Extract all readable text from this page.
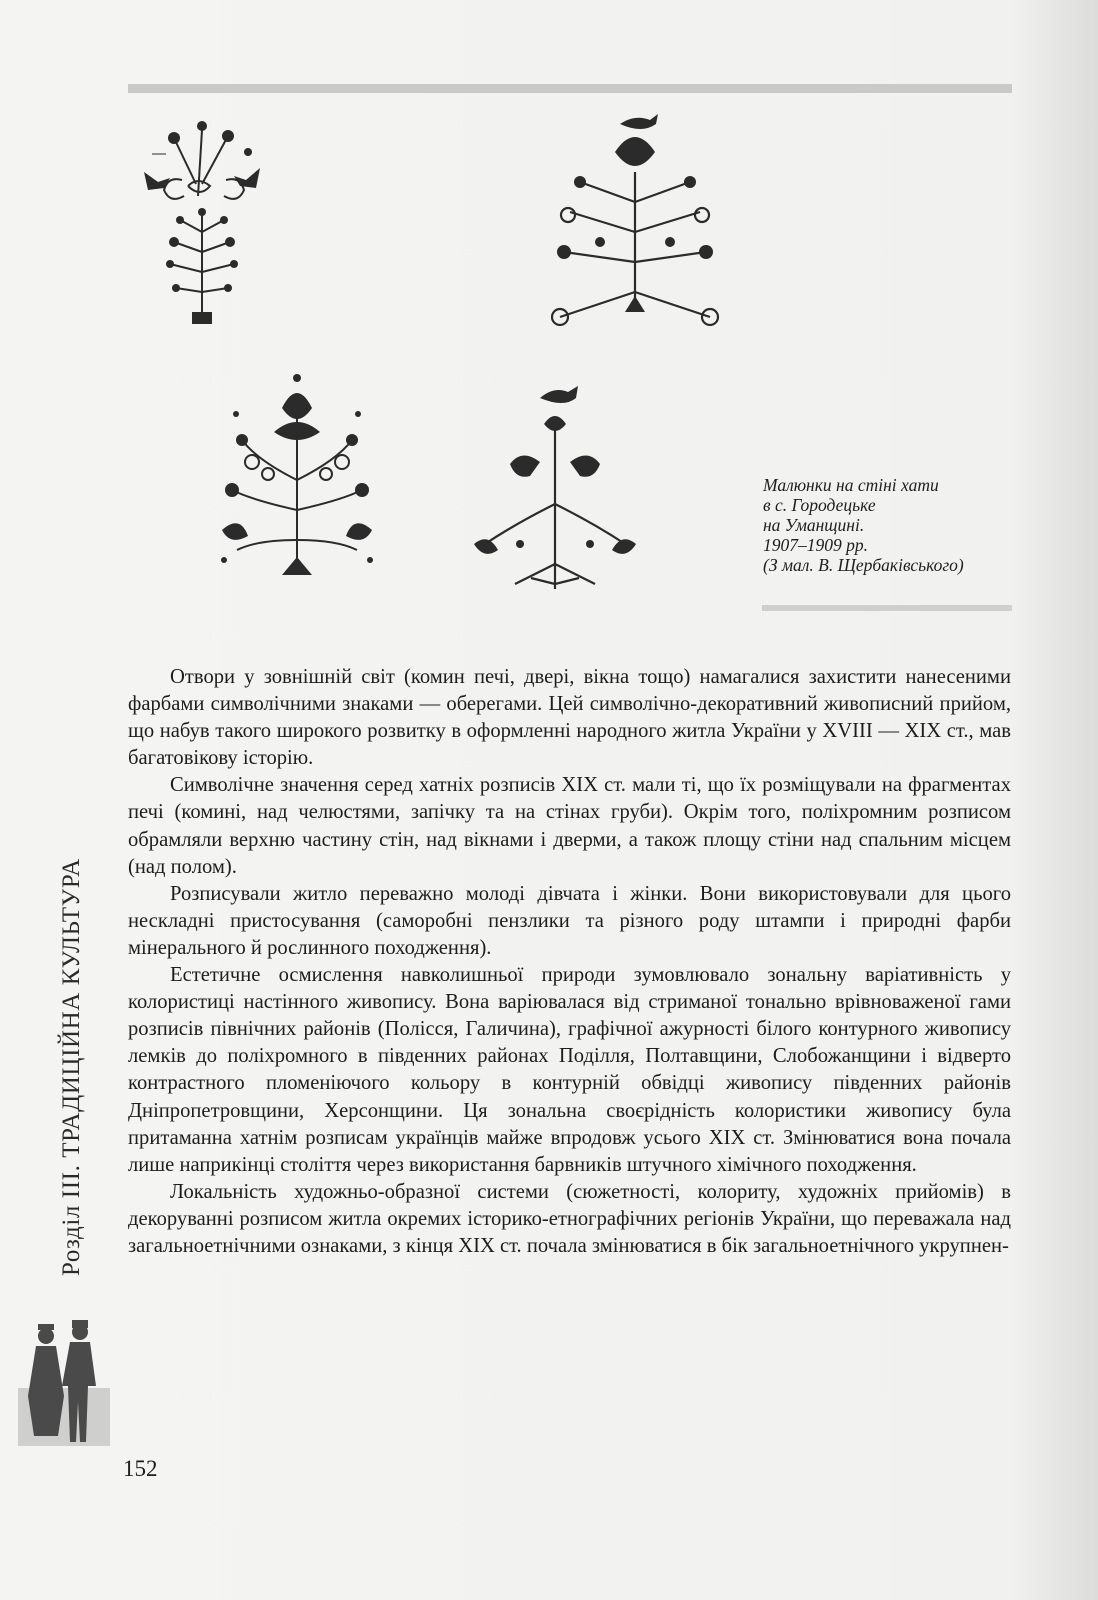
Малюнки на стіні хати
в с. Городецьке
на Уманщині.
1907–1909 рр.
(З мал. В. Щербаківського)

Отвори у зовнішній світ (комин печі, двері, вікна тощо) намагалися захистити нанесеними фарбами символічними знаками — оберегами. Цей символічно-декоративний живописний прийом, що набув такого широкого розвитку в оформленні народного житла України у XVIII — XIX ст., мав багатовікову історію.

Символічне значення серед хатніх розписів XIX ст. мали ті, що їх розміщували на фрагментах печі (комині, над челюстями, запічку та на стінах груби). Окрім того, поліхромним розписом обрамляли верхню частину стін, над вікнами і дверми, а також площу стіни над спальним місцем (над полом).

Розписували житло переважно молоді дівчата і жінки. Вони використовували для цього нескладні пристосування (саморобні пензлики та різного роду штампи і природні фарби мінерального й рослинного походження).

Естетичне осмислення навколишньої природи зумовлювало зональну варіативність у колористиці настінного живопису. Вона варіювалася від стриманої тонально врівноваженої гами розписів північних районів (Полісся, Галичина), графічної ажурності білого контурного живопису лемків до поліхромного в південних районах Поділля, Полтавщини, Слобожанщини і відверто контрастного пломеніючого кольору в контурній обвідці живопису південних районів Дніпропетровщини, Херсонщини. Ця зональна своєрідність колористики живопису була притаманна хатнім розписам українців майже впродовж усього XIX ст. Змінюватися вона почала лише наприкінці століття через використання барвників штучного хімічного походження.

Локальність художньо-образної системи (сюжетності, колориту, художніх прийомів) в декоруванні розписом житла окремих історико-етнографічних регіонів України, що переважала над загальноетнічними ознаками, з кінця XIX ст. почала змінюватися в бік загальноетнічного укрупнен-

Розділ III. ТРАДИЦІЙНА КУЛЬТУРА
152
